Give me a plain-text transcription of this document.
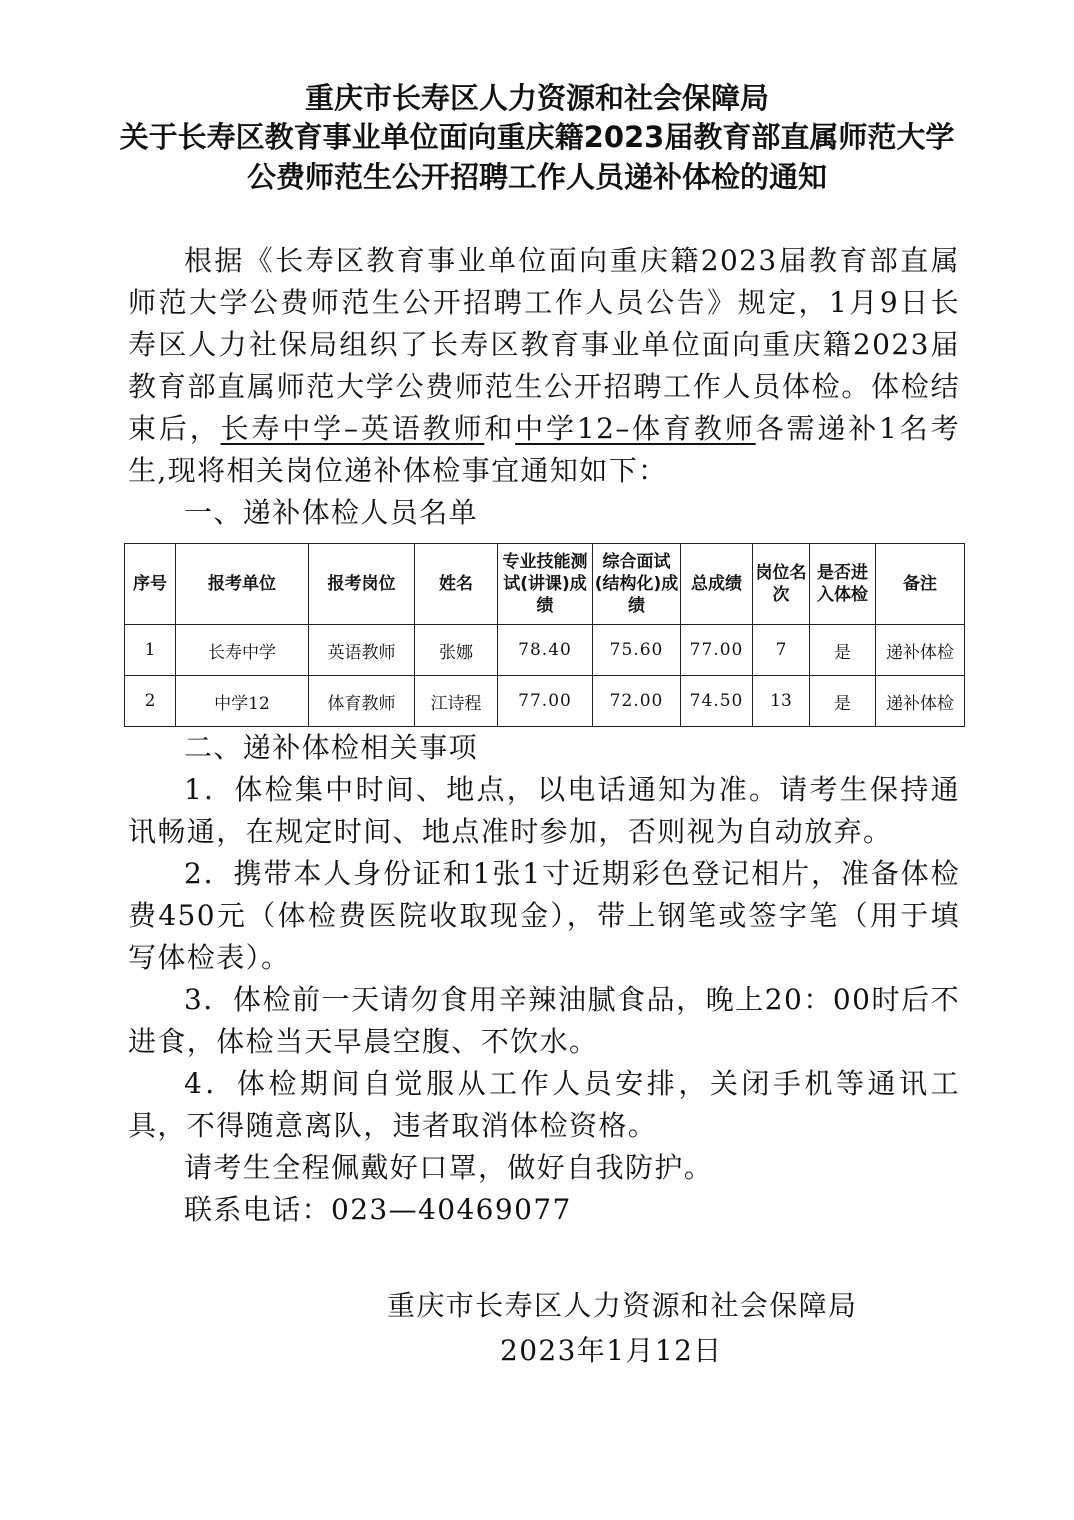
重庆市长寿区人力资源和社会保障局
关于长寿区教育事业单位面向重庆籍2023届教育部直属师范大学
公费师范生公开招聘工作人员递补体检的通知

根据《长寿区教育事业单位面向重庆籍2023届教育部直属师范大学公费师范生公开招聘工作人员公告》规定，1月9日长寿区人力社保局组织了长寿区教育事业单位面向重庆籍2023届教育部直属师范大学公费师范生公开招聘工作人员体检。体检结束后，长寿中学–英语教师和中学12–体育教师各需递补1名考生,现将相关岗位递补体检事宜通知如下：

一、递补体检人员名单

序号	报考单位	报考岗位	姓名	专业技能测试(讲课)成绩	综合面试(结构化)成绩	总成绩	岗位名次	是否进入体检	备注
1	长寿中学	英语教师	张娜	78.40	75.60	77.00	7	是	递补体检
2	中学12	体育教师	江诗程	77.00	72.00	74.50	13	是	递补体检

二、递补体检相关事项

1．体检集中时间、地点，以电话通知为准。请考生保持通讯畅通，在规定时间、地点准时参加，否则视为自动放弃。

2．携带本人身份证和1张1寸近期彩色登记相片，准备体检费450元（体检费医院收取现金），带上钢笔或签字笔（用于填写体检表）。

3．体检前一天请勿食用辛辣油腻食品，晚上20：00时后不进食，体检当天早晨空腹、不饮水。

4．体检期间自觉服从工作人员安排，关闭手机等通讯工具，不得随意离队，违者取消体检资格。

请考生全程佩戴好口罩，做好自我防护。

联系电话：023—40469077

重庆市长寿区人力资源和社会保障局
2023年1月12日
